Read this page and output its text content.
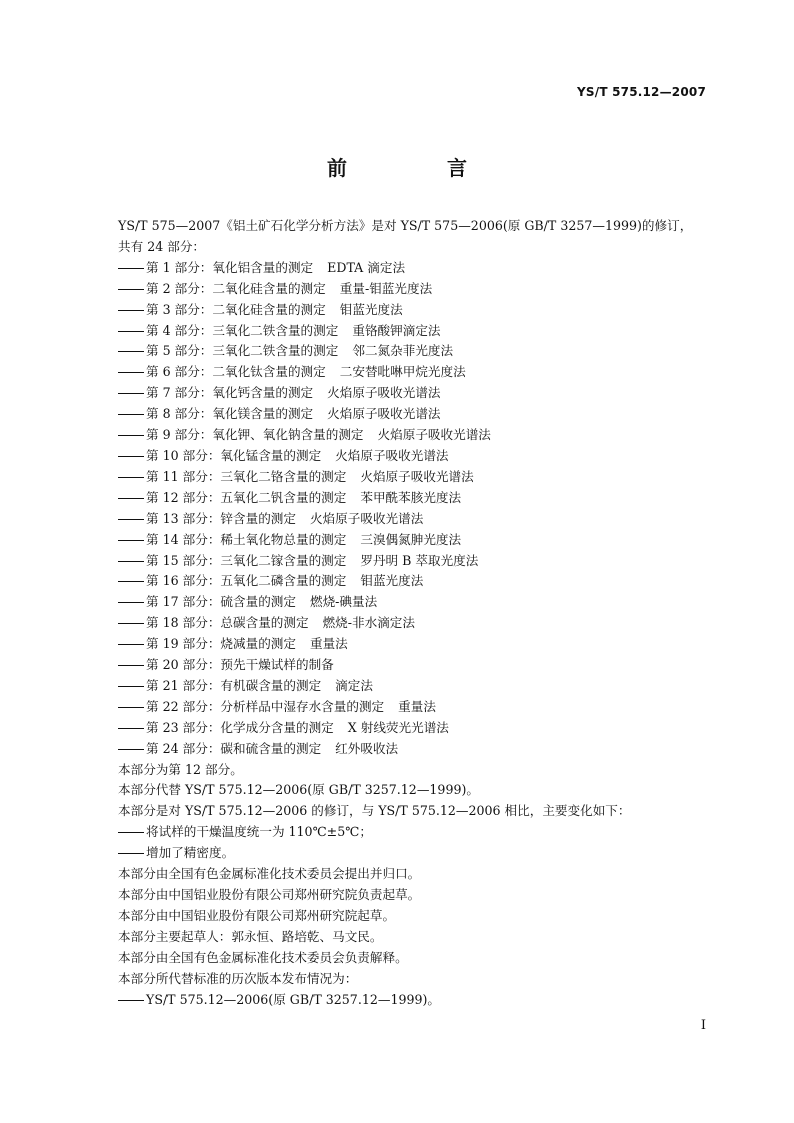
YS/T 575.12—2007
前　言

YS/T 575—2007《铝土矿石化学分析方法》是对 YS/T 575—2006(原 GB/T 3257—1999)的修订，

共有 24 部分：

第 1 部分：氧化铝含量的测定 EDTA 滴定法
第 2 部分：二氧化硅含量的测定 重量-钼蓝光度法
第 3 部分：二氧化硅含量的测定 钼蓝光度法
第 4 部分：三氧化二铁含量的测定 重铬酸钾滴定法
第 5 部分：三氧化二铁含量的测定 邻二氮杂菲光度法
第 6 部分：二氧化钛含量的测定 二安替吡啉甲烷光度法
第 7 部分：氧化钙含量的测定 火焰原子吸收光谱法
第 8 部分：氧化镁含量的测定 火焰原子吸收光谱法
第 9 部分：氧化钾、氧化钠含量的测定 火焰原子吸收光谱法
第 10 部分：氧化锰含量的测定 火焰原子吸收光谱法
第 11 部分：三氧化二铬含量的测定 火焰原子吸收光谱法
第 12 部分：五氧化二钒含量的测定 苯甲酰苯胲光度法
第 13 部分：锌含量的测定 火焰原子吸收光谱法
第 14 部分：稀土氧化物总量的测定 三溴偶氮胂光度法
第 15 部分：三氧化二镓含量的测定 罗丹明 B 萃取光度法
第 16 部分：五氧化二磷含量的测定 钼蓝光度法
第 17 部分：硫含量的测定 燃烧-碘量法
第 18 部分：总碳含量的测定 燃烧-非水滴定法
第 19 部分：烧减量的测定 重量法
第 20 部分：预先干燥试样的制备
第 21 部分：有机碳含量的测定 滴定法
第 22 部分：分析样品中湿存水含量的测定 重量法
第 23 部分：化学成分含量的测定 X 射线荧光光谱法
第 24 部分：碳和硫含量的测定 红外吸收法

本部分为第 12 部分。

本部分代替 YS/T 575.12—2006(原 GB/T 3257.12—1999)。

本部分是对 YS/T 575.12—2006 的修订，与 YS/T 575.12—2006 相比，主要变化如下：

将试样的干燥温度统一为 110℃±5℃；

增加了精密度。

本部分由全国有色金属标准化技术委员会提出并归口。

本部分由中国铝业股份有限公司郑州研究院负责起草。

本部分由中国铝业股份有限公司郑州研究院起草。

本部分主要起草人：郭永恒、路培乾、马文民。

本部分由全国有色金属标准化技术委员会负责解释。

本部分所代替标准的历次版本发布情况为：

YS/T 575.12—2006(原 GB/T 3257.12—1999)。

I
